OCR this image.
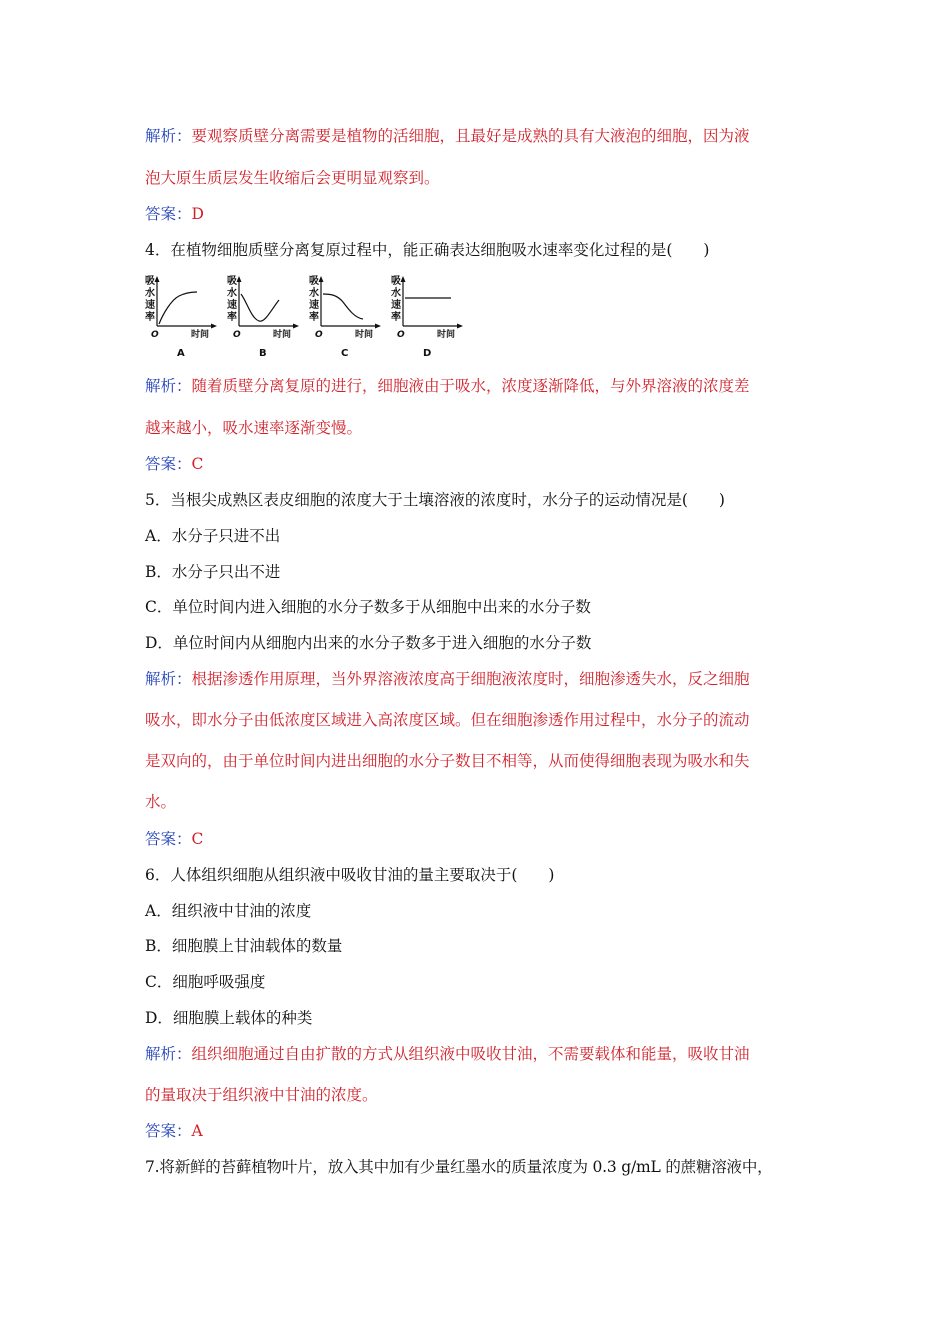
解析：要观察质壁分离需要是植物的活细胞，且最好是成熟的具有大液泡的细胞，因为液
泡大原生质层发生收缩后会更明显观察到。
答案：D
4．在植物细胞质壁分离复原过程中，能正确表达细胞吸水速率变化过程的是(　　)
吸
水
速
率
O	时间
A
吸
水
速
率
O	时间
B
吸
水
速
率
O	时间
C
吸
水
速
率
O	时间
D
解析：随着质壁分离复原的进行，细胞液由于吸水，浓度逐渐降低，与外界溶液的浓度差
越来越小，吸水速率逐渐变慢。
答案：C
5．当根尖成熟区表皮细胞的浓度大于土壤溶液的浓度时，水分子的运动情况是(　　)
A．水分子只进不出
B．水分子只出不进
C．单位时间内进入细胞的水分子数多于从细胞中出来的水分子数
D．单位时间内从细胞内出来的水分子数多于进入细胞的水分子数
解析：根据渗透作用原理，当外界溶液浓度高于细胞液浓度时，细胞渗透失水，反之细胞
吸水，即水分子由低浓度区域进入高浓度区域。但在细胞渗透作用过程中，水分子的流动
是双向的，由于单位时间内进出细胞的水分子数目不相等，从而使得细胞表现为吸水和失
水。
答案：C
6．人体组织细胞从组织液中吸收甘油的量主要取决于(　　)
A．组织液中甘油的浓度
B．细胞膜上甘油载体的数量
C．细胞呼吸强度
D．细胞膜上载体的种类
解析：组织细胞通过自由扩散的方式从组织液中吸收甘油，不需要载体和能量，吸收甘油
的量取决于组织液中甘油的浓度。
答案：A
7.将新鲜的苔藓植物叶片，放入其中加有少量红墨水的质量浓度为 0.3 g/mL 的蔗糖溶液中，
